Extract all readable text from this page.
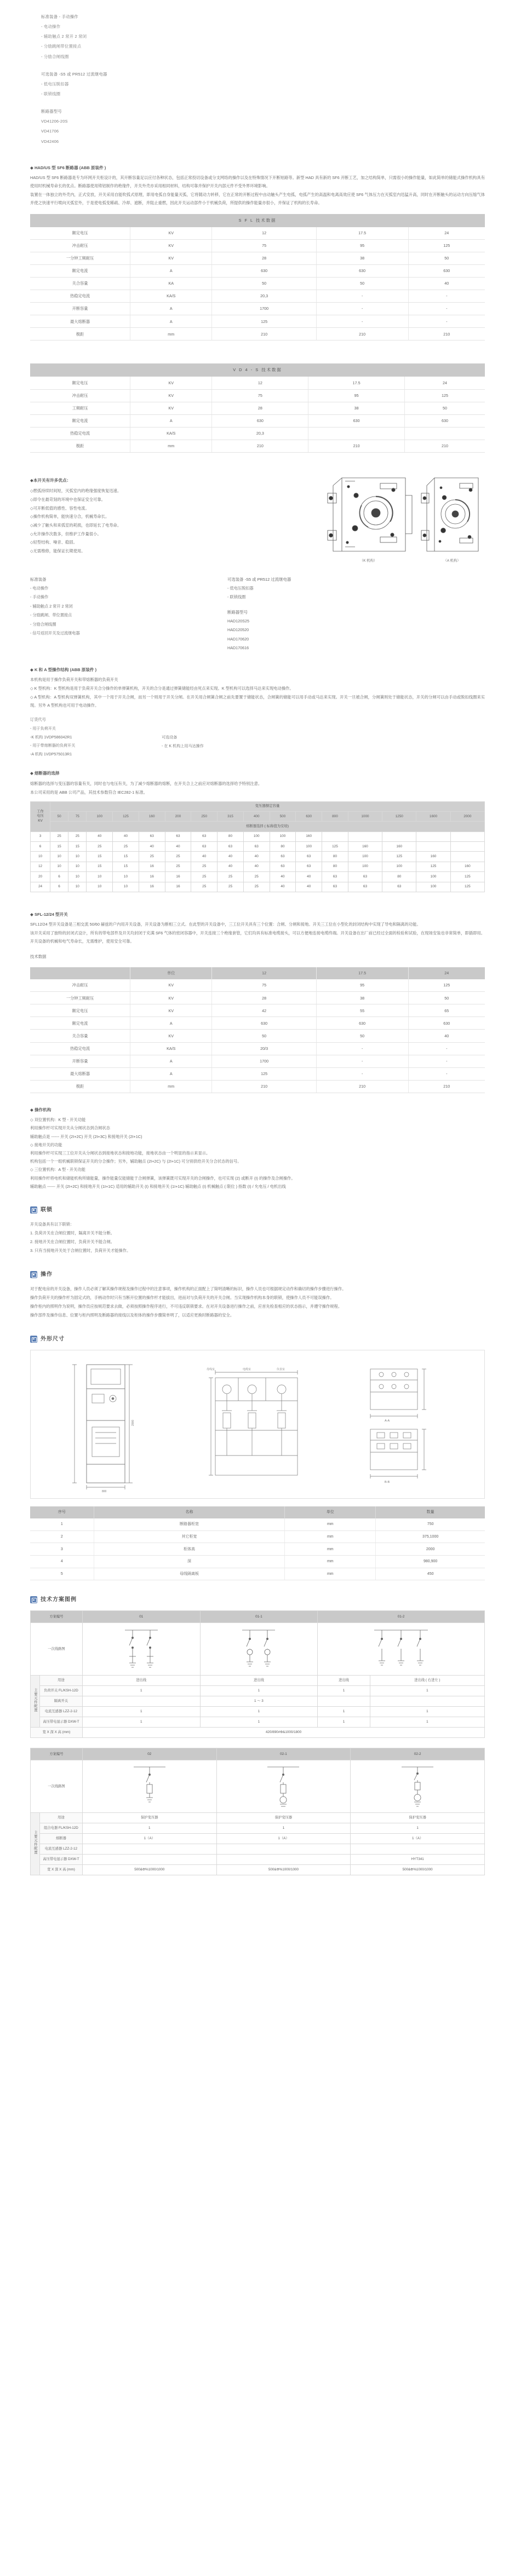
标准装备 - 手动操作
- 电动操作
- 辅助触点 2 常开 2 常闭
- 分励跳闸带位置接点
- 分励合闸线圈
可选装备 -S5 或 PR512 过流继电器
- 低电压脱扣器
- 联锁线圈
断路器型号
VD41206-20S
VD41706
VD42406
◆ HAD/US 型 SF6 断路器 (ABB 原装件 )

HAD/US 型 SF6 断路器是专为环网开关柜设计的，其开断容量足以应付各种状态，包括正常投切设备或分支网络的操作以及在特殊情况下开断短路等。新型 HAD 具有新的 SF6 开断工艺，加之结构简单，只需很小的操作能量，如此简单的储能式操作机构具有使用时机械寿命长的优点。断路器使用铸铝制作的绝缘件，开关外壳亦采用相同材料，结构可靠并保护开关内部元件不受外界环境影响。

装置在一体独立的外壳内，正式安放，开关采用自能吹弧式原理，即用电弧自身能量灭弧，它将随动力转移，它在正常的开断过程中由动触头产生电弧，电弧产生的高温和电离高效应使 SF6 气体压力在灭弧室内迅猛升高，同时在开断触头的运动方向压缩气体并使之快速平行喷向灭弧室外，于是使电弧变稀疏、冷却、遮断，并阻止重燃，因此开关运动部件小于机械负荷，所提供的操作能量亦很小，并保证了机构的长寿命。

S F L 技术数据				
额定电压	KV	12	17.5	24
冲击耐压	KV	75	95	125
一分钟工频耐压	KV	28	38	50
额定电流	A	630	630	630
关合容量	KA	50	50	40
热稳定电流	KA/S	20,3	-	-
开断容量	A	1700	-	-
最大熔断器	A	125	-	-
极距	mm	210	210	210
V D 4 - S 技术数据				
额定电压	KV	12	17.5	24
冲击耐压	KV	75	95	125
工频耐压	KV	28	38	50
额定电流	A	630	630	630
热稳定电流	KA/S	20,3		
极距	mm	210	210	210
◆本开关有许多优点：
◇燃弧持续时间短，灭弧室内的绝缘强度恢复迅速。
◇即令在最苛刻的环境中也保证安全可靠。
◇可开断低值的感性、容性电流。
◇操作机构简单，能快速分合，机械寿命长。
◇减少了触头和来弧室的耗损，也即延长了电寿命。
◇允许操作次数多，但维护工作量很小。
◇轻型结构、噪音、稳固。
◇无需维修，能保证长期使用。
（K 机构）	（A 机构）
标准装备
- 电动操作
- 手动操作
- 辅助触点 2 常开 2 常闭
- 分励跳闸、带位置接点
- 分励合闸线圈
- 信号返回开关及过流继电器
可选装备 -S5 或 PR512 过流继电器
- 低电压脱扣器
- 联锁线圈
断路器型号
HAD120S25
HAD120520
HAD170620
HAD170616
◆ K 和 A 型操作结构 (ABB 原装件 )

本机构是用于操作负荷开关和带熔断器的负荷开关

◇ K 型机构：K 型机构是用于负荷开关合分操作的单弹簧机构，开关的合分是通过弹簧储能经由死点来实现。K 型机构可以选择马达来实现电动操作。

◇ A 型机构：A 型机构双弹簧机构，其中一个用于开关合闸，而另一个则用于开关分闸。在开关用合闸簧合闸之前先要置于储能状态，合闸簧的储能可以用手动或马达来实现。开关一旦被合闸，分闸簧则处于储能状态，开关的分闸可以由手动或脱扣线圈来实现。另外 A 型机构也可用于电动操作。

订货代号
- 用于负荷开关
-K 机构 1VDP586042R1
- 用于带熔断器的负荷开关
-A 机构 1VDP575013R1
可选设备
- 在 K 机构上用马达操作
◆ 熔断器的选择

熔断器的选择与变压器的容量有关，同时也与电压有关，为了减少熔断器的熔断，在开关合上之前应对熔断器的选择给予特别注意。

本公司采用的是 ABB 公司产品，其技术参数符合 IEC282-1 标准。

工作
电压
KV	变压器额定容量															
	50	75	100	125	160	200	250	315	400	500	630	800	1000	1250	1600	2000
	熔断器选择 ( 标称值为安培)															
3	25	25	40	40	63	63	63	80	100	100	160					
6	15	15	25	25	40	40	63	63	63	80	100	125	160	160		
10	10	10	15	15	25	25	40	40	40	63	63	80	100	125	160	
12	10	10	15	15	16	25	25	40	40	63	63	80	100	100	125	160
20	6	10	10	10	16	16	25	25	25	40	40	63	63	80	100	125
24	6	10	10	10	16	16	25	25	25	40	40	63	63	63	100	125
◆ SFL-12/24 型开关

SFL12/24 型开关设备是三相交流 50/60 赫兹的户内用开关设备，开关设备为断相三立式。在此型的开关设备中，三工位开关具有三个位置：合闸、分闸和接地。开关三工位在小型化的封闭结构中实现了导电和隔离的功能。

该开关采用了独特的封闭式设计，所有的带电部件及开关均封闭于充满 SF6 气体的密闭容器中，开关连接三个绝缘套管，它们均具有标准电缆接头，可以方便地连接电缆终端。开关设备在出厂前已经过全面的检验和试验，在现场安装也非常简单，即插即用。开关设备的机械和电气寿命长，无需维护，使用安全可靠。

技术数据
	单位	12	17.5	24
冲击耐压	KV	75	95	125
一分钟工频耐压	KV	28	38	50
额定电压	KV	42	55	65
额定电流	A	630	630	630
关合容量	KV	50	50	40
热稳定电流	KA/S	20/3	-	-
开断容量	A	1700	-	-
最大熔断器	A	125	-	-
极距	mm	210	210	210
◆ 操作机构

◇ 双位置机构：K 型 - 开关功能

利用操作杆可实现开关从分闸状态到合闸状态

辅助触点是 ------ 开关 (2I+2C) 开关 (2I+3C) 和接地开关 (2I+1C)

◇ 接地开关的功能

利用操作杆可实现三工位开关从分闸状态到接地状态和接地功能，接地状态由一个明显的指示来显示。

机构包括一个一组机械联锁保证开关的分合操作；另外，辅助触点 (2I+2C) 与 (2I+1C) 可分别供给开关分合状态的信号。

◇ 三位置机构：A 型 - 开关功能

利用操作杆将电机和储能机构所储能量，操作能量仅能储能于合闸弹簧，该弹簧既可实现开关的合闸操作，也可实现 (2) 或断开 (I) 的操作及合闸操作。

辅助触点 ------ 开关 (2I+2C) 和接地开关 (1I+1C) 适用的辅助开关 (I) 和接地开关 (1I+1C) 辅助触点 (I) 机械触点 ( 限位 ) 指数 (I) / 允电压 / 电机出线

联锁

开关设备具有以下联锁：

1. 负荷开关在合闸位置时，隔离开关不能分断。

2. 接地开关在合闸位置时，负荷开关不能合闸。

3. 只有当接地开关处于合闸位置时，负荷开关才能操作。

操作

对于配电房的开关设备，操作人员必须了解其操作规程及操作过程中的注意事项，操作机构的正面配上了简明清晰的标识，操作人员也可根据规定动作和确切的操作步骤进行操作。

操作负荷开关的操作杆为固定式的，手柄动作时只有当断开位置的操作杆才能拔出，进而对与负荷开关的开关合闸。当实现操作机构本身的联锁，使操作人员不可能误操作。

操作柜内的照明作为说明，操作员应按规范要求去做，必须按照操作程序进行，不可违反联锁要求。在对开关设备进行操作之前，应首先检查相应的状态指示，并遵守操作规程。

操作部件及操作信息、位置与柜内照明及断路器的接线以及柜体的操作步骤简单明了，以适应更换时断路器的安全。

外形尺寸
2000
800
母线室	电缆室	仪表室
A-A
B-B
序号	名称	单位	数量
1	断路器柜宽	mm	750
2	其它柜宽	mm	375,1000
3	柜体高	mm	2000
4	深	mm	980,900
5	母线隔离板	mm	450
技术方案图例
方案编号		01	01-1	01-2	
一次线路图	

主要元件配置	用途	进出线	进出线	进出线	进出线 ( 右进左 )
	负荷开关 FL/KSH-12D	1	1	1	1
	隔离开关		1 ～ 3		
	电流互感器 LZZ-2-12	1	1	1	1
	高压带电显示器 DXW-T	1	1	1	1
宽 X 深 X 高 (mm)		420/890#Φ&1000/1800			
方案编号		02	02-1	02-2
一次线路图	

主要元件配置	用途	保护变压器	保护变压器	保护变压器
	组合电器 FL/KSH-12D	1	1	1
	熔断器	1（A）	1（A）	1（A）
	电流互感器 LZZ-2-12			
	高压带电显示器 DXW-T			HYT341
	宽 X 深 X 高 (mm)	500&Φ%1000/1000	500&Φ%1000/1000	500&Φ%1000/1000
